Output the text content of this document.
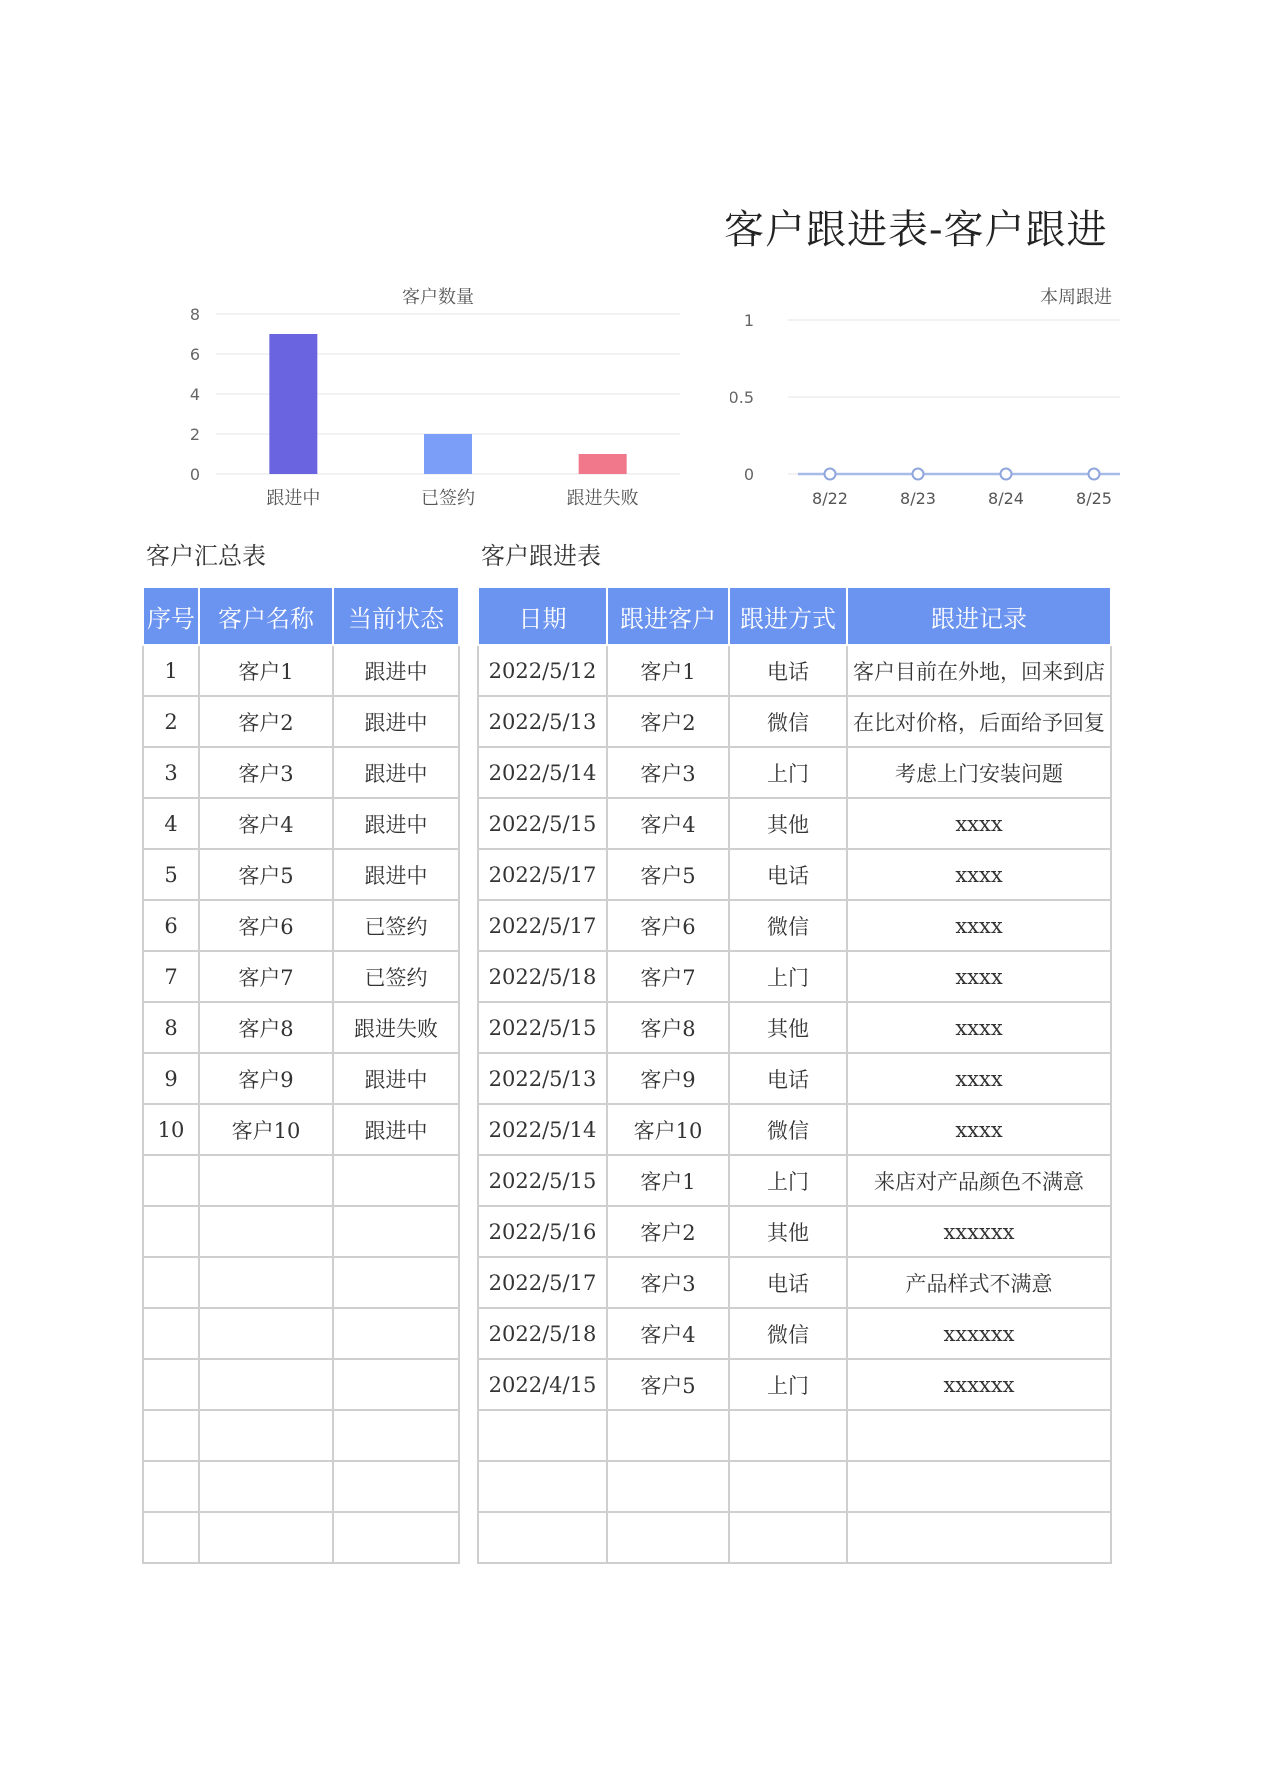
客户跟进表-客户跟进
客户数量
0
2
4
6
8
跟进中	已签约	跟进失败
本周跟进
0
0.5
1
8/22	8/23	8/24	8/25
客户汇总表	客户跟进表
序号	客户名称	当前状态

1	客户1	跟进中

2	客户2	跟进中

3	客户3	跟进中

4	客户4	跟进中

5	客户5	跟进中

6	客户6	已签约

7	客户7	已签约

8	客户8	跟进失败

9	客户9	跟进中

10	客户10	跟进中

日期	跟进客户	跟进方式	跟进记录

2022/5/12	客户1	电话	客户目前在外地，回来到店

2022/5/13	客户2	微信	在比对价格，后面给予回复

2022/5/14	客户3	上门	考虑上门安装问题

2022/5/15	客户4	其他	xxxx

2022/5/17	客户5	电话	xxxx

2022/5/17	客户6	微信	xxxx

2022/5/18	客户7	上门	xxxx

2022/5/15	客户8	其他	xxxx

2022/5/13	客户9	电话	xxxx

2022/5/14	客户10	微信	xxxx

2022/5/15	客户1	上门	来店对产品颜色不满意

2022/5/16	客户2	其他	xxxxxx

2022/5/17	客户3	电话	产品样式不满意

2022/5/18	客户4	微信	xxxxxx

2022/4/15	客户5	上门	xxxxxx
